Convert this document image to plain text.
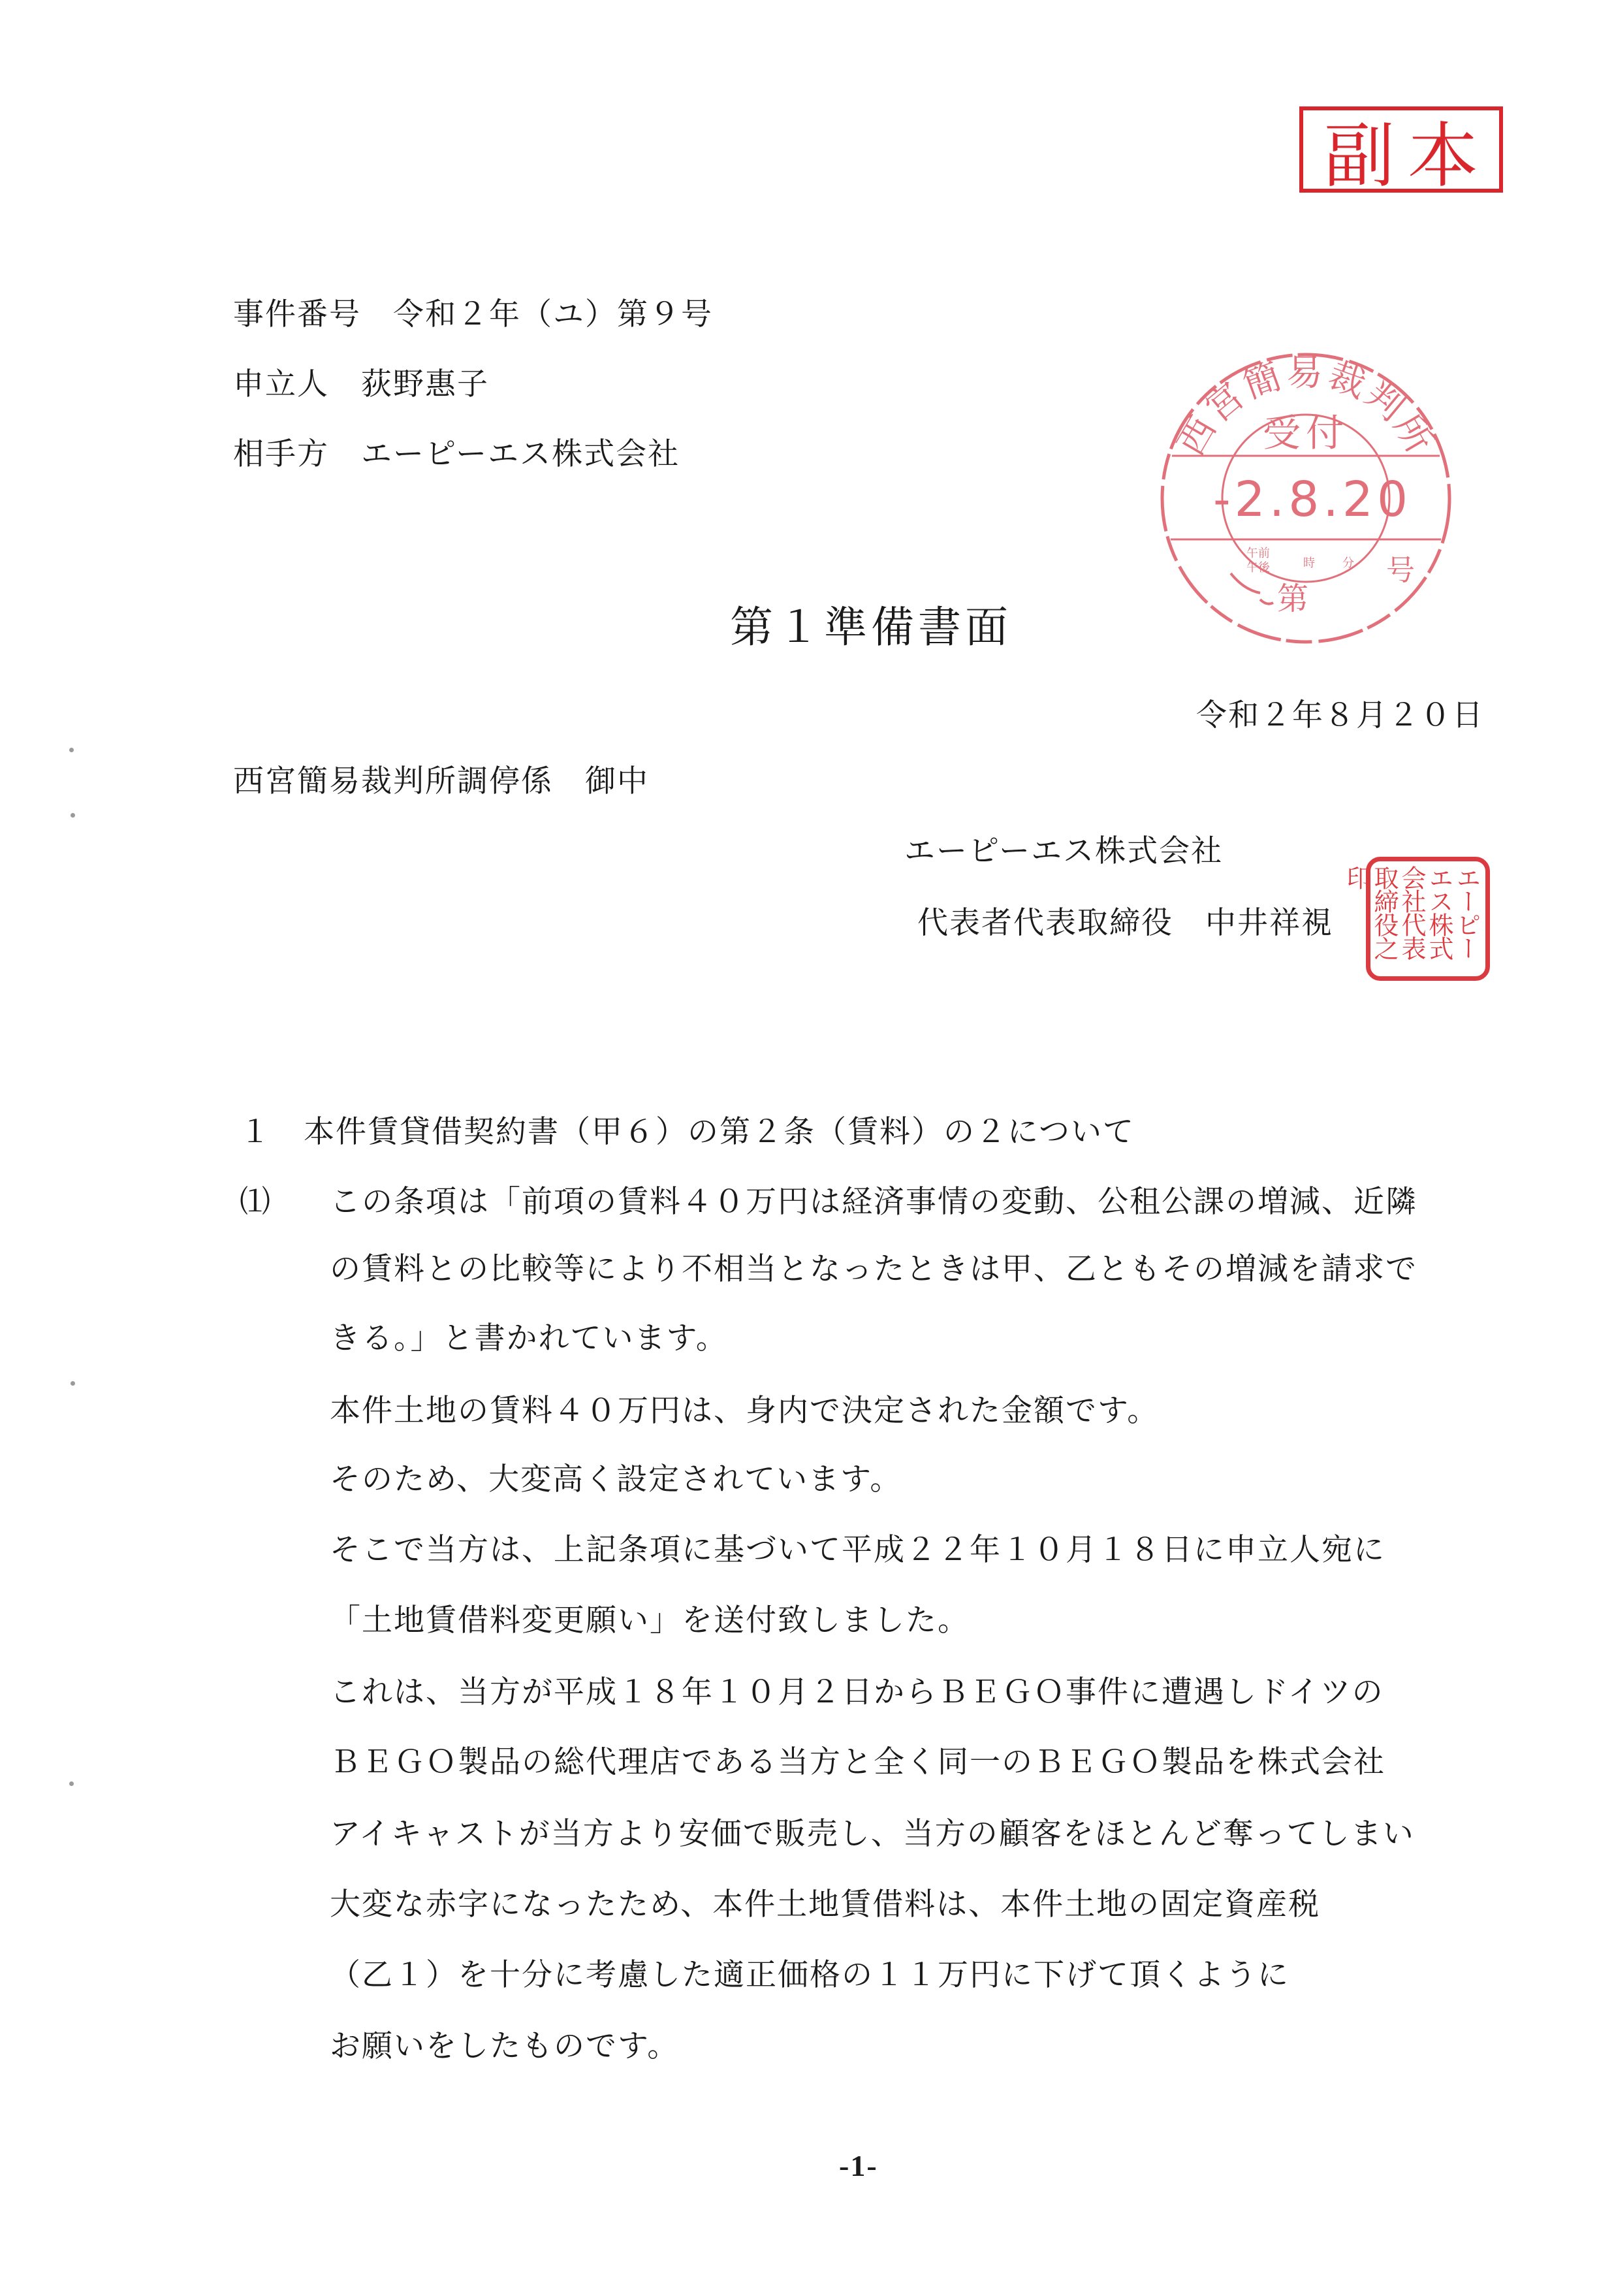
副本
事件番号　令和２年（ユ）第９号
申立人　荻野惠子
相手方　エーピーエス株式会社	西宮簡易裁判所
受付
-2.8.20
午前
午後	時 分
第
号
第１準備書面
令和２年８月２０日
西宮簡易裁判所調停係　御中
エーピーエス株式会社
代表者代表取締役　中井祥視	エーピーエス株式会社代表取締役之印
１　本件賃貸借契約書（甲６）の第２条（賃料）の２について
⑴ この条項は「前項の賃料４０万円は経済事情の変動、公租公課の増減、近隣
の賃料との比較等により不相当となったときは甲、乙ともその増減を請求で
きる。」と書かれています。
本件土地の賃料４０万円は、身内で決定された金額です。
そのため、大変高く設定されています。
そこで当方は、上記条項に基づいて平成２２年１０月１８日に申立人宛に
「土地賃借料変更願い」を送付致しました。
これは、当方が平成１８年１０月２日からＢＥＧＯ事件に遭遇しドイツの
ＢＥＧＯ製品の総代理店である当方と全く同一のＢＥＧＯ製品を株式会社
アイキャストが当方より安価で販売し、当方の顧客をほとんど奪ってしまい
大変な赤字になったため、本件土地賃借料は、本件土地の固定資産税
（乙１）を十分に考慮した適正価格の１１万円に下げて頂くように
お願いをしたものです。
-1-
